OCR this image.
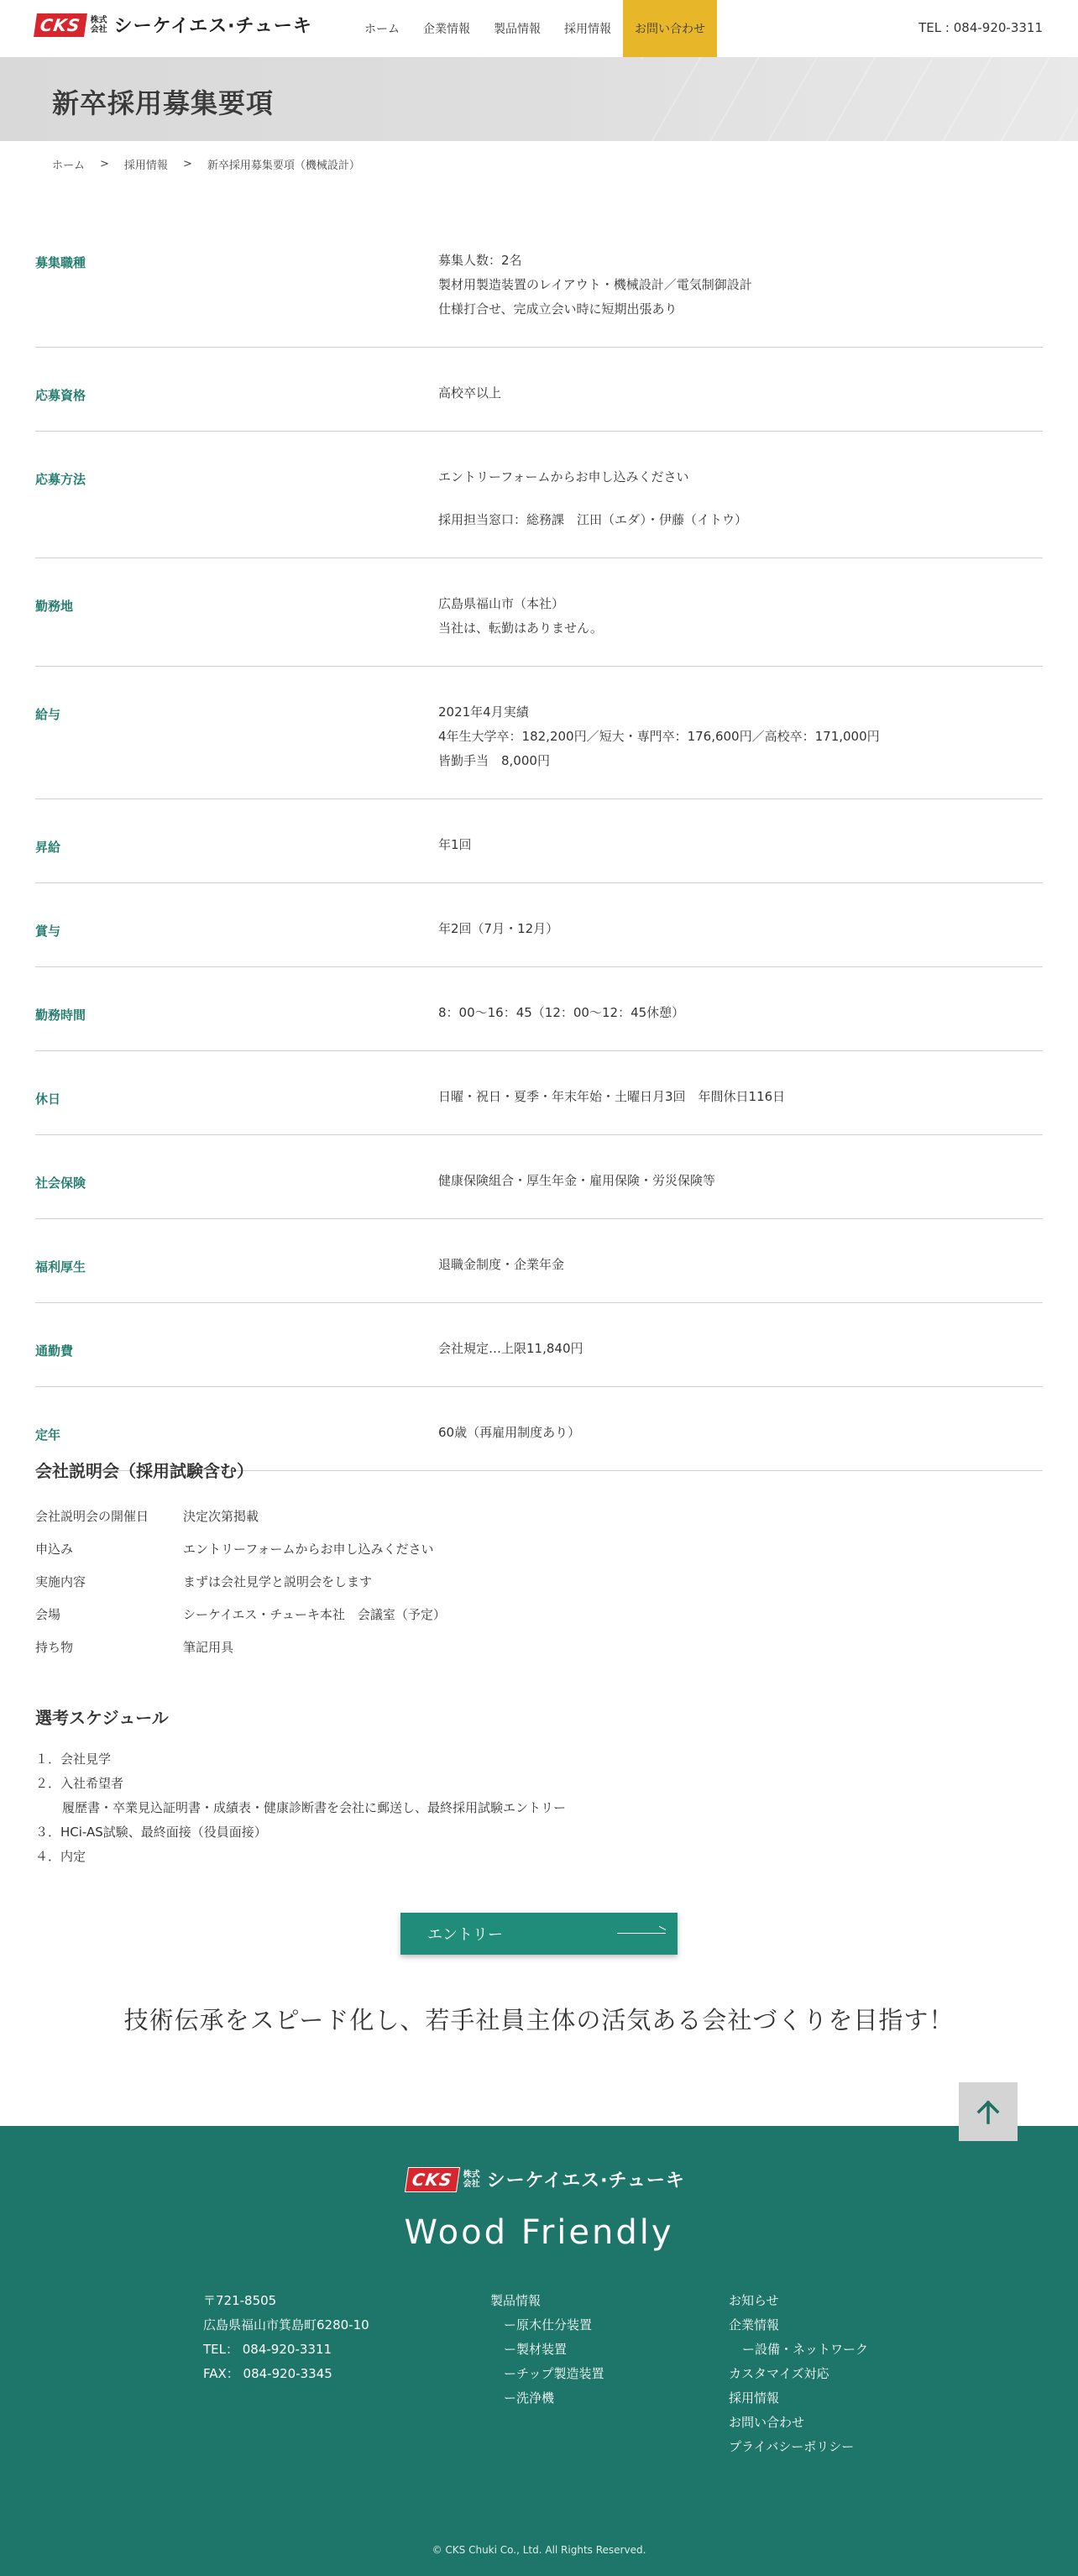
CKS	株式会社 シーケイエス·チューキ	ホーム	企業情報	製品情報	採用情報	お問い合わせ	TEL : 084-920-3311
新卒採用募集要項
ホーム > 採用情報 > 新卒採用募集要項（機械設計）
募集職種	募集人数：2名
製材用製造装置のレイアウト・機械設計／電気制御設計
仕様打合せ、完成立会い時に短期出張あり
応募資格	高校卒以上
応募方法	エントリーフォームからお申し込みください
採用担当窓口：総務課　江田（エダ）・伊藤（イトウ）
勤務地	広島県福山市（本社）
当社は、転勤はありません。
給与	2021年4月実績
4年生大学卒：182,200円／短大・専門卒：176,600円／高校卒：171,000円
皆勤手当　8,000円
昇給	年1回
賞与	年2回（7月・12月）
勤務時間	8：00〜16：45（12：00〜12：45休憩）
休日	日曜・祝日・夏季・年末年始・土曜日月3回　年間休日116日
社会保険	健康保険組合・厚生年金・雇用保険・労災保険等
福利厚生	退職金制度・企業年金
通勤費	会社規定…上限11,840円
定年	60歳（再雇用制度あり）
会社説明会（採用試験含む）
会社説明会の開催日	決定次第掲載
申込み	エントリーフォームからお申し込みください
実施内容	まずは会社見学と説明会をします
会場	シーケイエス・チューキ本社　会議室（予定）
持ち物	筆記用具
選考スケジュール
１．会社見学
２．入社希望者
履歴書・卒業見込証明書・成績表・健康診断書を会社に郵送し、最終採用試験エントリー
３．HCi-AS試験、最終面接（役員面接）
４．内定
エントリー
技術伝承をスピード化し、若手社員主体の活気ある会社づくりを目指す！
CKS	株式会社 シーケイエス·チューキ
Wood Friendly
〒721-8505
広島県福山市箕島町6280-10
TEL： 084-920-3311
FAX： 084-920-3345
製品情報
ー原木仕分装置
ー製材装置
ーチップ製造装置
ー洗浄機
お知らせ
企業情報
ー設備・ネットワーク
カスタマイズ対応
採用情報
お問い合わせ
プライバシーポリシー
© CKS Chuki Co., Ltd. All Rights Reserved.
